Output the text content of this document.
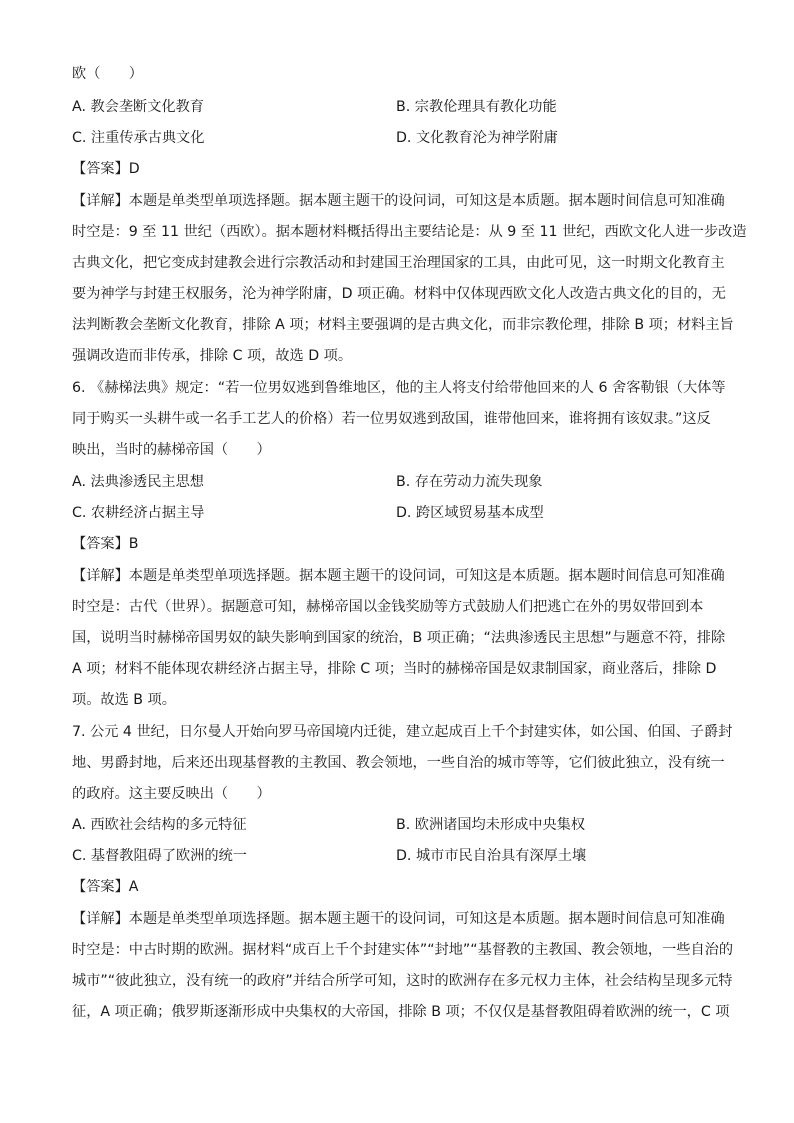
欧（　　）
A. 教会垄断文化教育	B. 宗教伦理具有教化功能
C. 注重传承古典文化	D. 文化教育沦为神学附庸
【答案】D
【详解】本题是单类型单项选择题。据本题主题干的设问词，可知这是本质题。据本题时间信息可知准确
时空是：9 至 11 世纪（西欧）。据本题材料概括得出主要结论是：从 9 至 11 世纪，西欧文化人进一步改造
古典文化，把它变成封建教会进行宗教活动和封建国王治理国家的工具，由此可见，这一时期文化教育主
要为神学与封建王权服务，沦为神学附庸，D 项正确。材料中仅体现西欧文化人改造古典文化的目的，无
法判断教会垄断文化教育，排除 A 项；材料主要强调的是古典文化，而非宗教伦理，排除 B 项；材料主旨
强调改造而非传承，排除 C 项，故选 D 项。
6. 《赫梯法典》规定：“若一位男奴逃到鲁维地区，他的主人将支付给带他回来的人 6 舍客勒银（大体等
同于购买一头耕牛或一名手工艺人的价格）若一位男奴逃到敌国，谁带他回来，谁将拥有该奴隶。”这反
映出，当时的赫梯帝国（　　）
A. 法典渗透民主思想	B. 存在劳动力流失现象
C. 农耕经济占据主导	D. 跨区域贸易基本成型
【答案】B
【详解】本题是单类型单项选择题。据本题主题干的设问词，可知这是本质题。据本题时间信息可知准确
时空是：古代（世界）。据题意可知，赫梯帝国以金钱奖励等方式鼓励人们把逃亡在外的男奴带回到本
国，说明当时赫梯帝国男奴的缺失影响到国家的统治，B 项正确；“法典渗透民主思想”与题意不符，排除
A 项；材料不能体现农耕经济占据主导，排除 C 项；当时的赫梯帝国是奴隶制国家，商业落后，排除 D
项。故选 B 项。
7. 公元 4 世纪，日尔曼人开始向罗马帝国境内迁徙，建立起成百上千个封建实体，如公国、伯国、子爵封
地、男爵封地，后来还出现基督教的主教国、教会领地，一些自治的城市等等，它们彼此独立，没有统一
的政府。这主要反映出（　　）
A. 西欧社会结构的多元特征	B. 欧洲诸国均未形成中央集权
C. 基督教阻碍了欧洲的统一	D. 城市市民自治具有深厚土壤
【答案】A
【详解】本题是单类型单项选择题。据本题主题干的设问词，可知这是本质题。据本题时间信息可知准确
时空是：中古时期的欧洲。据材料“成百上千个封建实体”“封地”“基督教的主教国、教会领地，一些自治的
城市”“彼此独立，没有统一的政府”并结合所学可知，这时的欧洲存在多元权力主体，社会结构呈现多元特
征，A 项正确；俄罗斯逐渐形成中央集权的大帝国，排除 B 项；不仅仅是基督教阻碍着欧洲的统一，C 项
